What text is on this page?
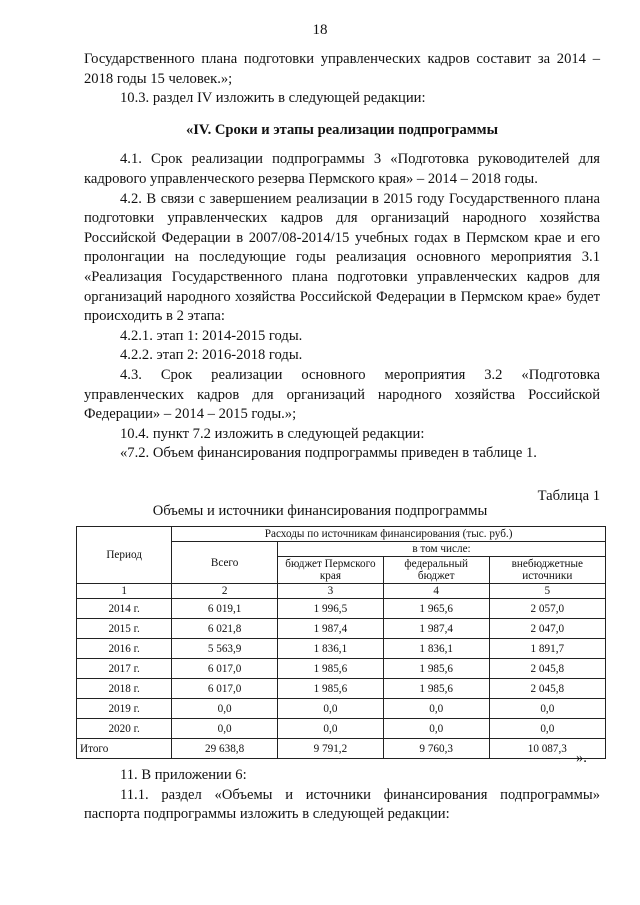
18

Государственного плана подготовки управленческих кадров составит за 2014 – 2018 годы 15 человек.»;

10.3. раздел IV изложить в следующей редакции:

«IV. Сроки и этапы реализации подпрограммы

4.1. Срок реализации подпрограммы 3 «Подготовка руководителей для кадрового управленческого резерва Пермского края» – 2014 – 2018 годы.

4.2. В связи с завершением реализации в 2015 году Государственного плана подготовки управленческих кадров для организаций народного хозяйства Российской Федерации в 2007/08-2014/15 учебных годах в Пермском крае и его пролонгации на последующие годы реализация основного мероприятия 3.1 «Реализация Государственного плана подготовки управленческих кадров для организаций народного хозяйства Российской Федерации в Пермском крае» будет происходить в 2 этапа:

4.2.1. этап 1: 2014-2015 годы.

4.2.2. этап 2: 2016-2018 годы.

4.3. Срок реализации основного мероприятия 3.2 «Подготовка управленческих кадров для организаций народного хозяйства Российской Федерации» – 2014 – 2015 годы.»;

10.4. пункт 7.2 изложить в следующей редакции:

«7.2. Объем финансирования подпрограммы приведен в таблице 1.

Таблица 1
Объемы и источники финансирования подпрограммы
Период	Расходы по источникам финансирования (тыс. руб.)			
	Всего	в том числе:		
		бюджет Пермского края	федеральный бюджет	внебюджетные источники
1	2	3	4	5
2014 г.	6 019,1	1 996,5	1 965,6	2 057,0
2015 г.	6 021,8	1 987,4	1 987,4	2 047,0
2016 г.	5 563,9	1 836,1	1 836,1	1 891,7
2017 г.	6 017,0	1 985,6	1 985,6	2 045,8
2018 г.	6 017,0	1 985,6	1 985,6	2 045,8
2019 г.	0,0	0,0	0,0	0,0
2020 г.	0,0	0,0	0,0	0,0
Итого	29 638,8	9 791,2	9 760,3	10 087,3
».

11. В приложении 6:

11.1. раздел «Объемы и источники финансирования подпрограммы» паспорта подпрограммы изложить в следующей редакции:
